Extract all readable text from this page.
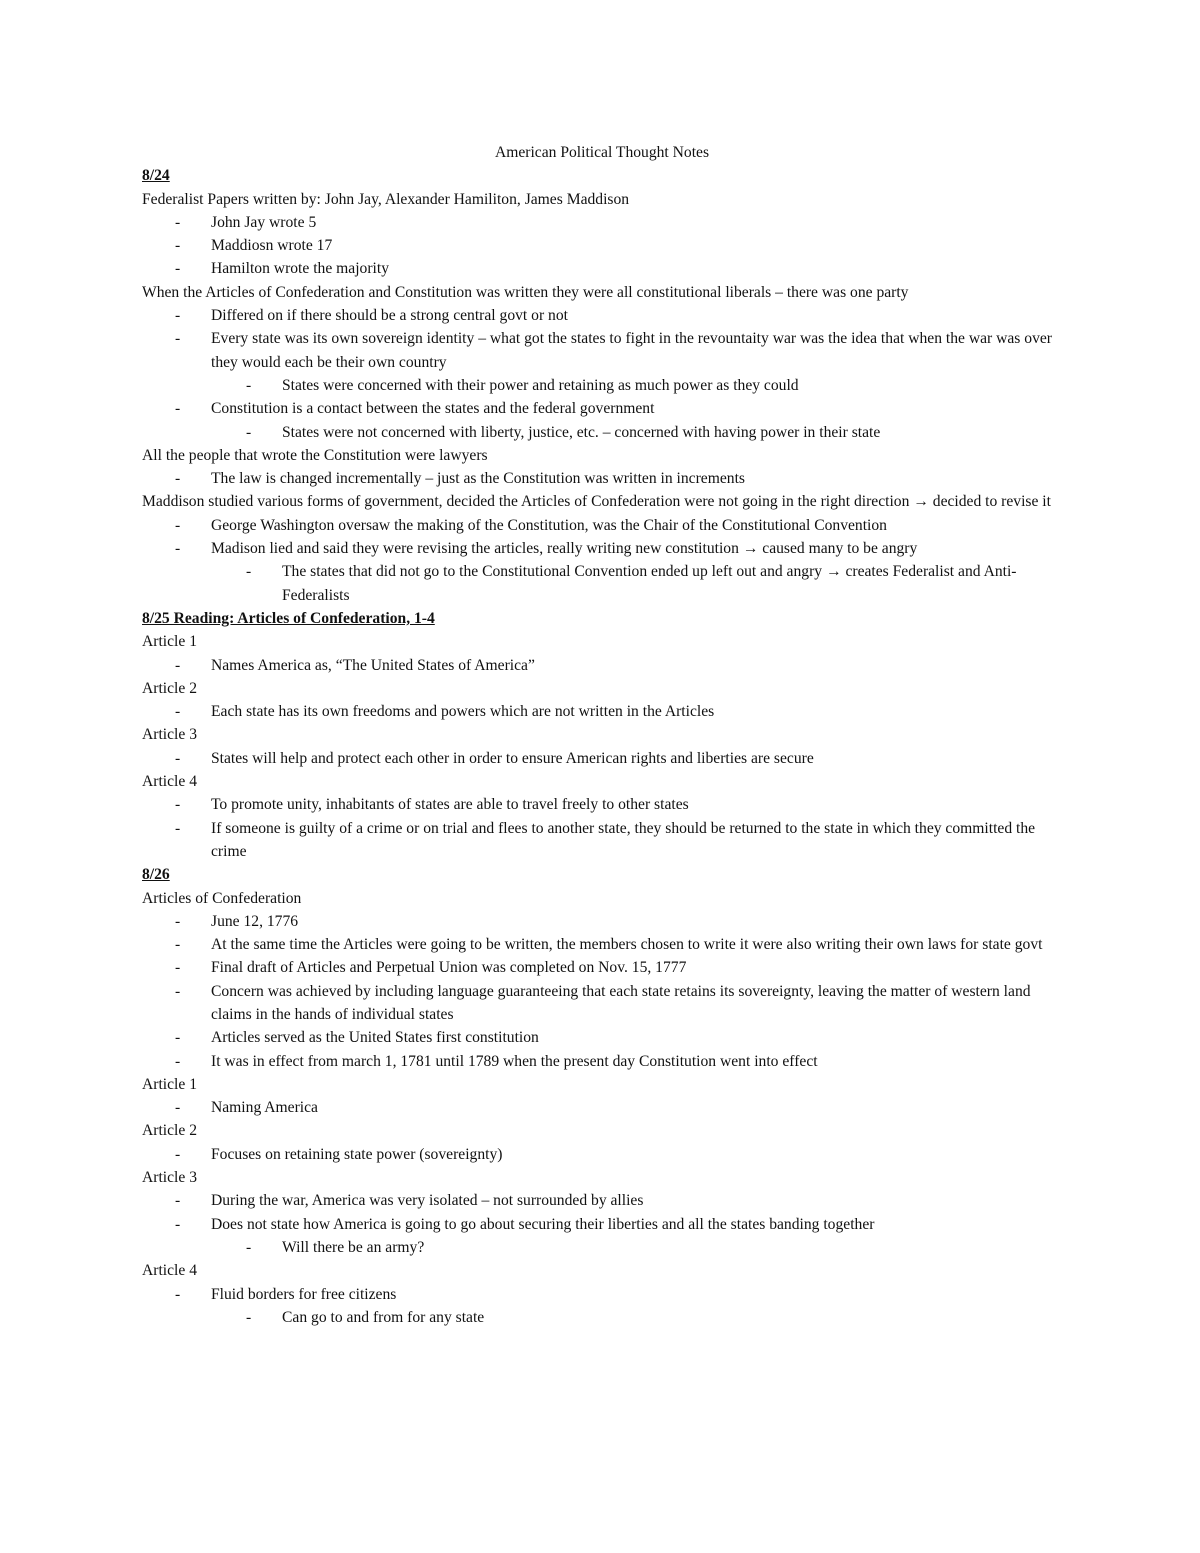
American Political Thought Notes

8/24

Federalist Papers written by: John Jay, Alexander Hamiliton, James Maddison

- John Jay wrote 5

- Maddiosn wrote 17

- Hamilton wrote the majority

When the Articles of Confederation and Constitution was written they were all constitutional liberals – there was one party

- Differed on if there should be a strong central govt or not

- Every state was its own sovereign identity – what got the states to fight in the revountaity war was the idea that when the war was over they would each be their own country

- States were concerned with their power and retaining as much power as they could

- Constitution is a contact between the states and the federal government

- States were not concerned with liberty, justice, etc. – concerned with having power in their state

All the people that wrote the Constitution were lawyers

- The law is changed incrementally – just as the Constitution was written in increments

Maddison studied various forms of government, decided the Articles of Confederation were not going in the right direction → decided to revise it

- George Washington oversaw the making of the Constitution, was the Chair of the Constitutional Convention

- Madison lied and said they were revising the articles, really writing new constitution → caused many to be angry

- The states that did not go to the Constitutional Convention ended up left out and angry → creates Federalist and Anti-Federalists

8/25 Reading: Articles of Confederation, 1-4

Article 1

- Names America as, “The United States of America”

Article 2

- Each state has its own freedoms and powers which are not written in the Articles

Article 3

- States will help and protect each other in order to ensure American rights and liberties are secure

Article 4

- To promote unity, inhabitants of states are able to travel freely to other states

- If someone is guilty of a crime or on trial and flees to another state, they should be returned to the state in which they committed the crime

8/26

Articles of Confederation

- June 12, 1776

- At the same time the Articles were going to be written, the members chosen to write it were also writing their own laws for state govt

- Final draft of Articles and Perpetual Union was completed on Nov. 15, 1777

- Concern was achieved by including language guaranteeing that each state retains its sovereignty, leaving the matter of western land claims in the hands of individual states

- Articles served as the United States first constitution

- It was in effect from march 1, 1781 until 1789 when the present day Constitution went into effect

Article 1

- Naming America

Article 2

- Focuses on retaining state power (sovereignty)

Article 3

- During the war, America was very isolated – not surrounded by allies

- Does not state how America is going to go about securing their liberties and all the states banding together

- Will there be an army?

Article 4

- Fluid borders for free citizens

- Can go to and from for any state
